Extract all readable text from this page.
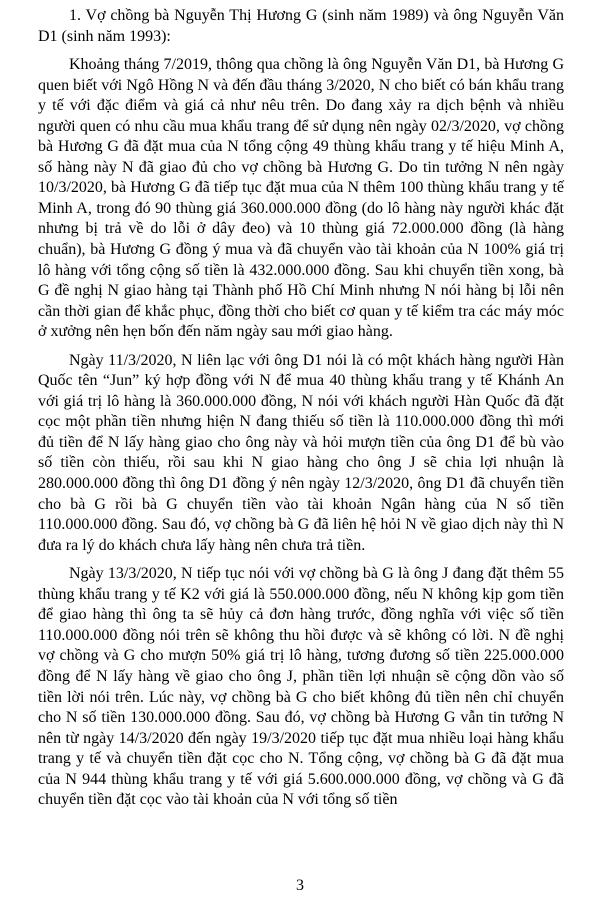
1. Vợ chồng bà Nguyễn Thị Hương G (sinh năm 1989) và ông Nguyễn Văn D1 (sinh năm 1993):

Khoảng tháng 7/2019, thông qua chồng là ông Nguyễn Văn D1, bà Hương G quen biết với Ngô Hồng N và đến đầu tháng 3/2020, N cho biết có bán khẩu trang y tế với đặc điểm và giá cả như nêu trên. Do đang xảy ra dịch bệnh và nhiều người quen có nhu cầu mua khẩu trang để sử dụng nên ngày 02/3/2020, vợ chồng bà Hương G đã đặt mua của N tổng cộng 49 thùng khẩu trang y tế hiệu Minh A, số hàng này N đã giao đủ cho vợ chồng bà Hương G. Do tin tưởng N nên ngày 10/3/2020, bà Hương G đã tiếp tục đặt mua của N thêm 100 thùng khẩu trang y tế Minh A, trong đó 90 thùng giá 360.000.000 đồng (do lô hàng này người khác đặt nhưng bị trả về do lỗi ở dây đeo) và 10 thùng giá 72.000.000 đồng (là hàng chuẩn), bà Hương G đồng ý mua và đã chuyển vào tài khoản của N 100% giá trị lô hàng với tổng cộng số tiền là 432.000.000 đồng. Sau khi chuyển tiền xong, bà G đề nghị N giao hàng tại Thành phố Hồ Chí Minh nhưng N nói hàng bị lỗi nên cần thời gian để khắc phục, đồng thời cho biết cơ quan y tế kiểm tra các máy móc ở xưởng nên hẹn bốn đến năm ngày sau mới giao hàng.

Ngày 11/3/2020, N liên lạc với ông D1 nói là có một khách hàng người Hàn Quốc tên “Jun” ký hợp đồng với N để mua 40 thùng khẩu trang y tế Khánh An với giá trị lô hàng là 360.000.000 đồng, N nói với khách người Hàn Quốc đã đặt cọc một phần tiền nhưng hiện N đang thiếu số tiền là 110.000.000 đồng thì mới đủ tiền để N lấy hàng giao cho ông này và hỏi mượn tiền của ông D1 để bù vào số tiền còn thiếu, rồi sau khi N giao hàng cho ông J sẽ chia lợi nhuận là 280.000.000 đồng thì ông D1 đồng ý nên ngày 12/3/2020, ông D1 đã chuyển tiền cho bà G rồi bà G chuyển tiền vào tài khoản Ngân hàng của N số tiền 110.000.000 đồng. Sau đó, vợ chồng bà G đã liên hệ hỏi N về giao dịch này thì N đưa ra lý do khách chưa lấy hàng nên chưa trả tiền.

Ngày 13/3/2020, N tiếp tục nói với vợ chồng bà G là ông J đang đặt thêm 55 thùng khẩu trang y tế K2 với giá là 550.000.000 đồng, nếu N không kịp gom tiền để giao hàng thì ông ta sẽ hủy cả đơn hàng trước, đồng nghĩa với việc số tiền 110.000.000 đồng nói trên sẽ không thu hồi được và sẽ không có lời. N đề nghị vợ chồng và G cho mượn 50% giá trị lô hàng, tương đương số tiền 225.000.000 đồng để N lấy hàng về giao cho ông J, phần tiền lợi nhuận sẽ cộng dồn vào số tiền lời nói trên. Lúc này, vợ chồng bà G cho biết không đủ tiền nên chỉ chuyển cho N số tiền 130.000.000 đồng. Sau đó, vợ chồng bà Hương G vẫn tin tưởng N nên từ ngày 14/3/2020 đến ngày 19/3/2020 tiếp tục đặt mua nhiều loại hàng khẩu trang y tế và chuyển tiền đặt cọc cho N. Tổng cộng, vợ chồng bà G đã đặt mua của N 944 thùng khẩu trang y tế với giá 5.600.000.000 đồng, vợ chồng và G đã chuyển tiền đặt cọc vào tài khoản của N với tổng số tiền

3
